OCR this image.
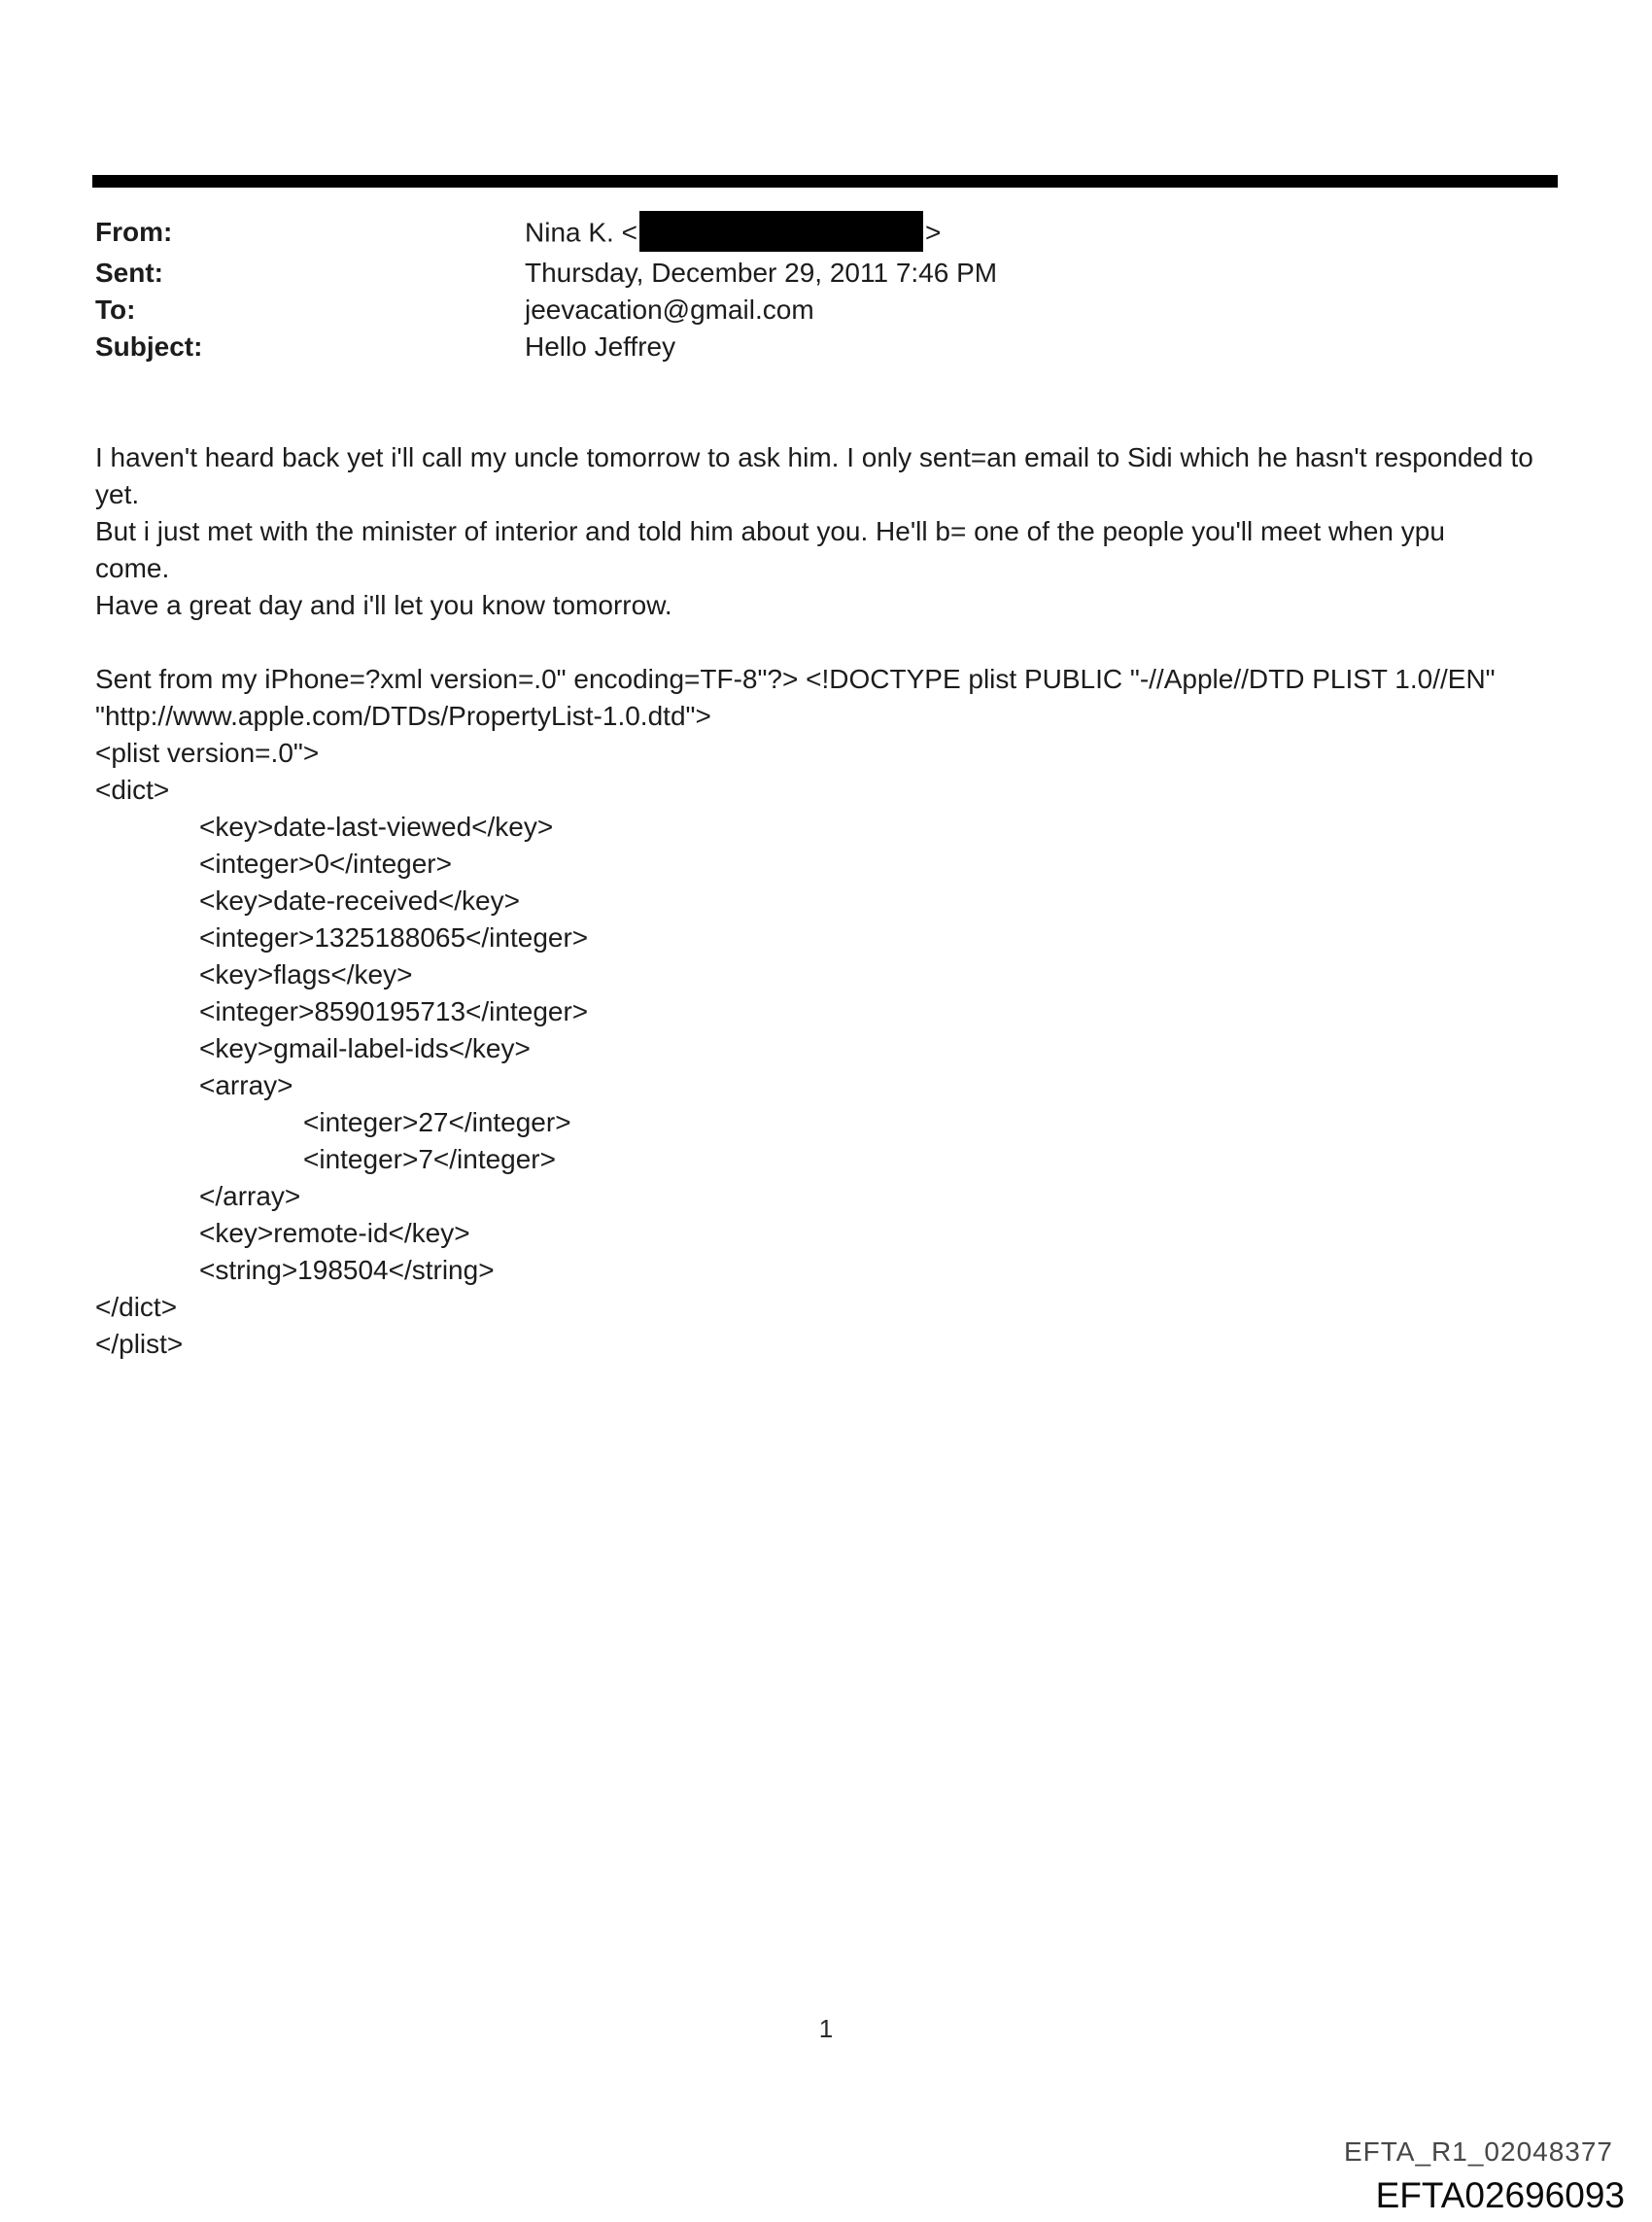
From:	Nina K. <	>
Sent:	Thursday, December 29, 2011 7:46 PM
To:	jeevacation@gmail.com
Subject:	Hello Jeffrey
I haven't heard back yet i'll call my uncle tomorrow to ask him. I only sent=an email to Sidi which he hasn't responded to
yet.
But i just met with the minister of interior and told him about you. He'll b= one of the people you'll meet when ypu
come.
Have a great day and i'll let you know tomorrow.
Sent from my iPhone=?xml version=.0" encoding=TF-8"?> <!DOCTYPE plist PUBLIC "-//Apple//DTD PLIST 1.0//EN"
"http://www.apple.com/DTDs/PropertyList-1.0.dtd">
<plist version=.0">
<dict>
<key>date-last-viewed</key>
<integer>0</integer>
<key>date-received</key>
<integer>1325188065</integer>
<key>flags</key>
<integer>8590195713</integer>
<key>gmail-label-ids</key>
<array>
<integer>27</integer>
<integer>7</integer>
</array>
<key>remote-id</key>
<string>198504</string>
</dict>
</plist>
1
EFTA_R1_02048377
EFTA02696093
